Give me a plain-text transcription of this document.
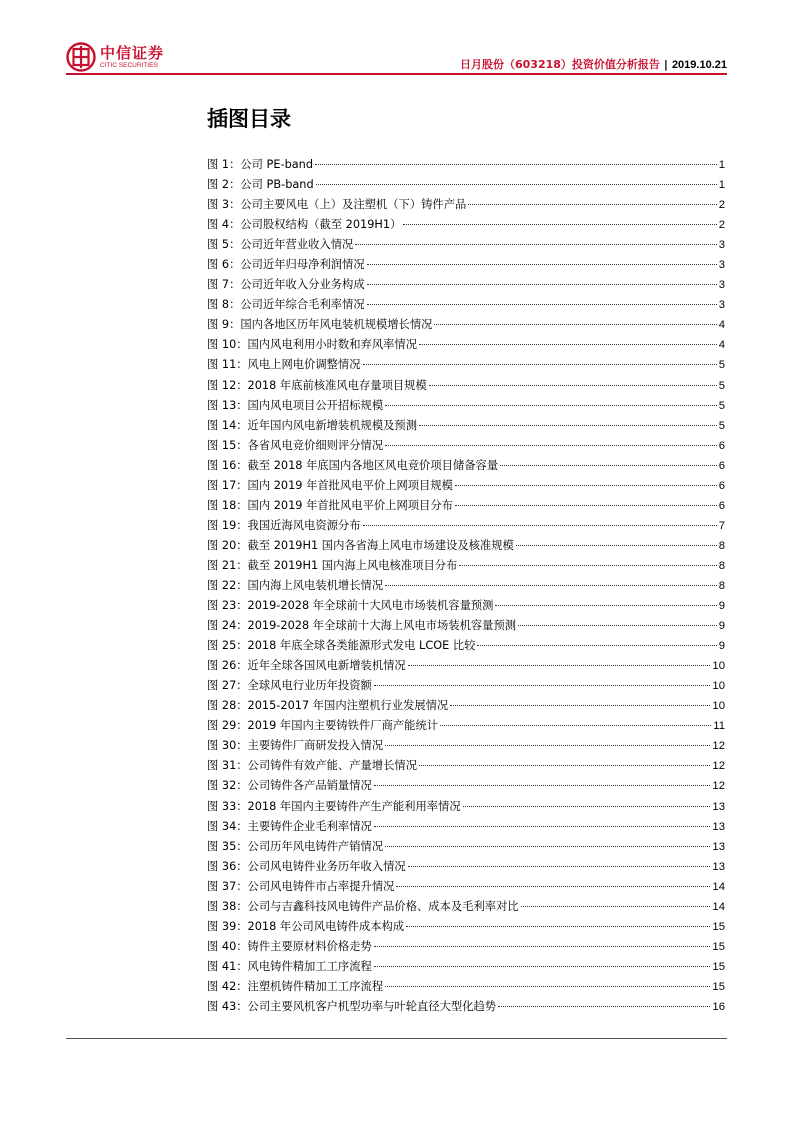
中信证券
CITIC SECURITIES	日月股份（603218）投资价值分析报告 | 2019.10.21
插图目录
图 1：公司 PE-band	1
图 2：公司 PB-band	1
图 3：公司主要风电（上）及注塑机（下）铸件产品	2
图 4：公司股权结构（截至 2019H1）	2
图 5：公司近年营业收入情况	3
图 6：公司近年归母净利润情况	3
图 7：公司近年收入分业务构成	3
图 8：公司近年综合毛利率情况	3
图 9：国内各地区历年风电装机规模增长情况	4
图 10：国内风电利用小时数和弃风率情况	4
图 11：风电上网电价调整情况	5
图 12：2018 年底前核准风电存量项目规模	5
图 13：国内风电项目公开招标规模	5
图 14：近年国内风电新增装机规模及预测	5
图 15：各省风电竞价细则评分情况	6
图 16：截至 2018 年底国内各地区风电竞价项目储备容量	6
图 17：国内 2019 年首批风电平价上网项目规模	6
图 18：国内 2019 年首批风电平价上网项目分布	6
图 19：我国近海风电资源分布	7
图 20：截至 2019H1 国内各省海上风电市场建设及核准规模	8
图 21：截至 2019H1 国内海上风电核准项目分布	8
图 22：国内海上风电装机增长情况	8
图 23：2019-2028 年全球前十大风电市场装机容量预测	9
图 24：2019-2028 年全球前十大海上风电市场装机容量预测	9
图 25：2018 年底全球各类能源形式发电 LCOE 比较	9
图 26：近年全球各国风电新增装机情况	10
图 27：全球风电行业历年投资额	10
图 28：2015-2017 年国内注塑机行业发展情况	10
图 29：2019 年国内主要铸铁件厂商产能统计	11
图 30：主要铸件厂商研发投入情况	12
图 31：公司铸件有效产能、产量增长情况	12
图 32：公司铸件各产品销量情况	12
图 33：2018 年国内主要铸件产生产能利用率情况	13
图 34：主要铸件企业毛利率情况	13
图 35：公司历年风电铸件产销情况	13
图 36：公司风电铸件业务历年收入情况	13
图 37：公司风电铸件市占率提升情况	14
图 38：公司与吉鑫科技风电铸件产品价格、成本及毛利率对比	14
图 39：2018 年公司风电铸件成本构成	15
图 40：铸件主要原材料价格走势	15
图 41：风电铸件精加工工序流程	15
图 42：注塑机铸件精加工工序流程	15
图 43：公司主要风机客户机型功率与叶轮直径大型化趋势	16
